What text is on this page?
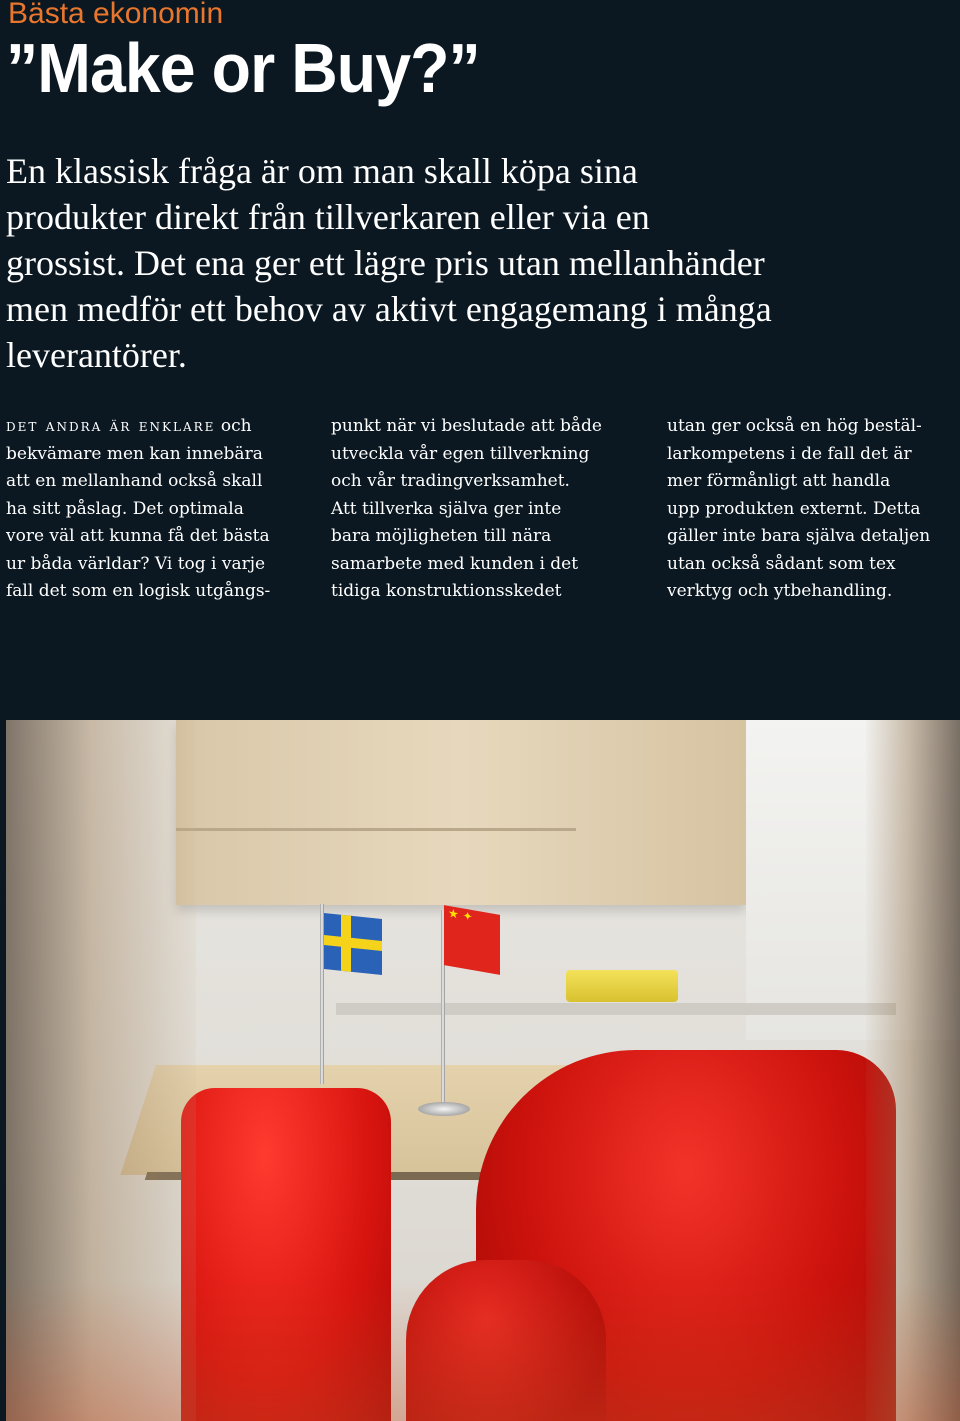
Bästa ekonomin
”Make or Buy?”
En klassisk fråga är om man skall köpa sina
produkter direkt från tillverkaren eller via en
grossist. Det ena ger ett lägre pris utan mellanhänder
men medför ett behov av aktivt engagemang i många
leverantörer.
det andra är enklare och
bekvämare men kan innebära
att en mellanhand också skall
ha sitt påslag. Det optimala
vore väl att kunna få det bästa
ur båda världar? Vi tog i varje
fall det som en logisk utgångs-
punkt när vi beslutade att både
utveckla vår egen tillverkning
och vår tradingverksamhet.
Att tillverka själva ger inte
bara möjligheten till nära
samarbete med kunden i det
tidiga konstruktionsskedet
utan ger också en hög bestäl-
larkompetens i de fall det är
mer förmånligt att handla
upp produkten externt. Detta
gäller inte bara själva detaljen
utan också sådant som tex
verktyg och ytbehandling.
★ ✦
